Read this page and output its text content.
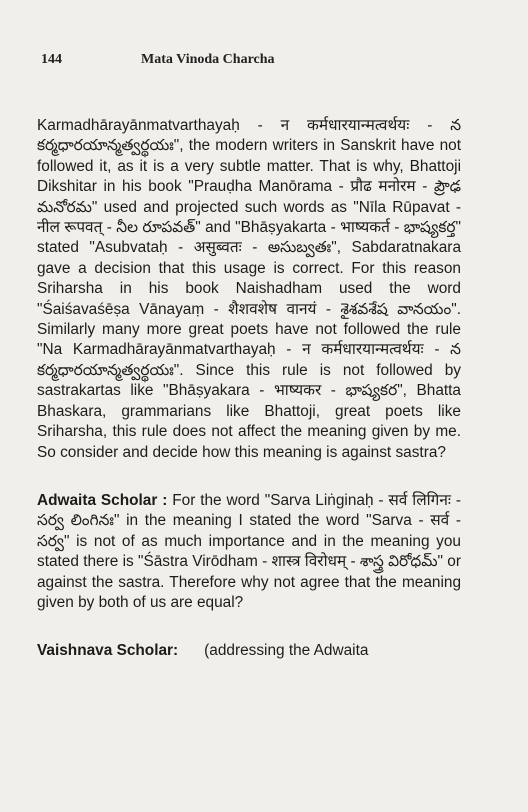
144	Mata Vinoda Charcha

Karmadhārayānmatvarthayaḥ - न कर्मधारयान्मत्वर्थयः - న కర్మధారయాన్మత్వర్థయః", the modern writers in Sanskrit have not followed it, as it is a very subtle matter. That is why, Bhattoji Dikshitar in his book "Prauḍha Manōrama - प्रौढ मनोरम - ప్రౌఢ మనోరమ" used and projected such words as "Nīla Rūpavat - नील रूपवत् - నీల రూపవత్" and "Bhāṣyakarta - भाष्यकर्त - భాష్యకర్త" stated "Asubvataḥ - असुब्वतः - అసుబ్వతః", Sabdaratnakara gave a decision that this usage is correct. For this reason Sriharsha in his book Naishadham used the word "Śaiśavaśēṣa Vānayaṃ - शैशवशेष वानयं - శైశవశేష వానయం". Similarly many more great poets have not followed the rule "Na Karmadhārayānmatvarthayaḥ - न कर्मधारयान्मत्वर्थयः - న కర్మధారయాన్మత్వర్థయః". Since this rule is not followed by sastrakartas like "Bhāṣyakara - भाष्यकर - భాష్యకర", Bhatta Bhaskara, grammarians like Bhattoji, great poets like Sriharsha, this rule does not affect the meaning given by me. So consider and decide how this meaning is against sastra?

Adwaita Scholar : For the word "Sarva Liṅginaḥ - सर्व लिगिनः - సర్వ లింగినః" in the meaning I stated the word "Sarva - सर्व - సర్వ" is not of as much importance and in the meaning you stated there is "Śāstra Virōdham - शास्त्र विरोधम् - శాస్త్ర విరోధమ్" or against the sastra. Therefore why not agree that the meaning given by both of us are equal?

Vaishnava Scholar: (addressing the Adwaita
